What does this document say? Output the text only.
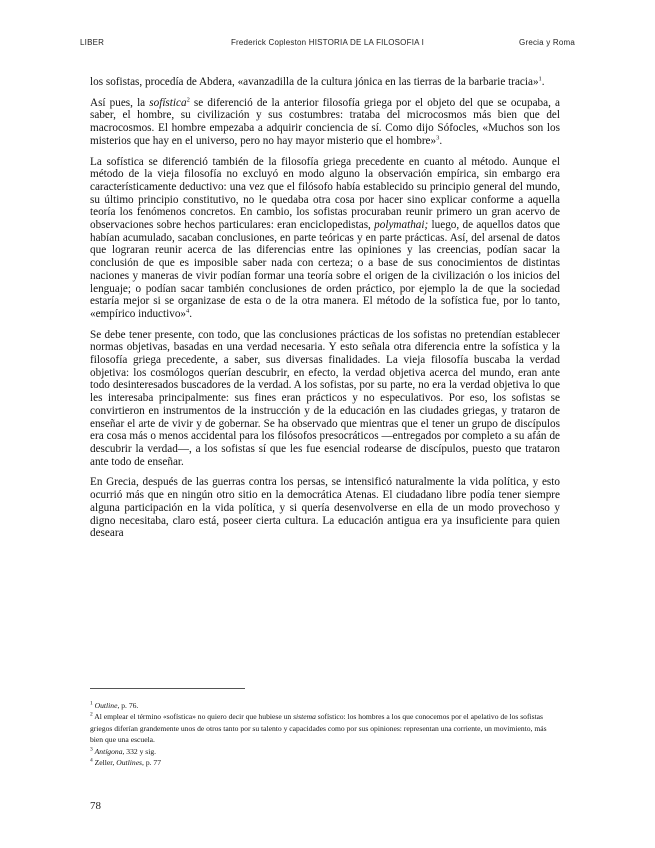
LIBER	Frederick Copleston HISTORIA DE LA FILOSOFIA I	Grecia y Roma

los sofistas, procedía de Abdera, «avanzadilla de la cultura jónica en las tierras de la barbarie tracia»$^1$.

Así pues, la sofística$^2$ se diferenció de la anterior filosofía griega por el objeto del que se ocupaba, a saber, el hombre, su civilización y sus costumbres: trataba del microcosmos más bien que del macrocosmos. El hombre empezaba a adquirir conciencia de sí. Como dijo Sófocles, «Muchos son los misterios que hay en el universo, pero no hay mayor misterio que el hombre»$^3$.

La sofística se diferenció también de la filosofía griega precedente en cuanto al método. Aunque el método de la vieja filosofía no excluyó en modo alguno la observación empírica, sin embargo era característicamente deductivo: una vez que el filósofo había establecido su principio general del mundo, su último principio constitutivo, no le quedaba otra cosa por hacer sino explicar conforme a aquella teoría los fenómenos concretos. En cambio, los sofistas procuraban reunir primero un gran acervo de observaciones sobre hechos particulares: eran enciclopedistas, polymathai; luego, de aquellos datos que habían acumulado, sacaban conclusiones, en parte teóricas y en parte prácticas. Así, del arsenal de datos que lograran reunir acerca de las diferencias entre las opiniones y las creencias, podían sacar la conclusión de que es imposible saber nada con certeza; o a base de sus conocimientos de distintas naciones y maneras de vivir podían formar una teoría sobre el origen de la civilización o los inicios del lenguaje; o podían sacar también conclusiones de orden práctico, por ejemplo la de que la sociedad estaría mejor si se organizase de esta o de la otra manera. El método de la sofística fue, por lo tanto, «empírico inductivo»$^4$.

Se debe tener presente, con todo, que las conclusiones prácticas de los sofistas no pretendían establecer normas objetivas, basadas en una verdad necesaria. Y esto señala otra diferencia entre la sofística y la filosofía griega precedente, a saber, sus diversas finalidades. La vieja filosofía buscaba la verdad objetiva: los cosmólogos querían descubrir, en efecto, la verdad objetiva acerca del mundo, eran ante todo desinteresados buscadores de la verdad. A los sofistas, por su parte, no era la verdad objetiva lo que les interesaba principalmente: sus fines eran prácticos y no especulativos. Por eso, los sofistas se convirtieron en instrumentos de la instrucción y de la educación en las ciudades griegas, y trataron de enseñar el arte de vivir y de gobernar. Se ha observado que mientras que el tener un grupo de discípulos era cosa más o menos accidental para los filósofos presocráticos —entregados por completo a su afán de descubrir la verdad—, a los sofistas sí que les fue esencial rodearse de discípulos, puesto que trataron ante todo de enseñar.

En Grecia, después de las guerras contra los persas, se intensificó naturalmente la vida política, y esto ocurrió más que en ningún otro sitio en la democrática Atenas. El ciudadano libre podía tener siempre alguna participación en la vida política, y si quería desenvolverse en ella de un modo provechoso y digno necesitaba, claro está, poseer cierta cultura. La educación antigua era ya insuficiente para quien deseara

$^1$ Outline, p. 76.
$^2$ Al emplear el término «sofística» no quiero decir que hubiese un sistema sofístico: los hombres a los que conocemos por el apelativo de los sofistas griegos diferían grandemente unos de otros tanto por su talento y capacidades como por sus opiniones: representan una corriente, un movimiento, más bien que una escuela.
$^3$ Antígona, 332 y sig.
$^4$ Zeller, Outlines, p. 77
78
